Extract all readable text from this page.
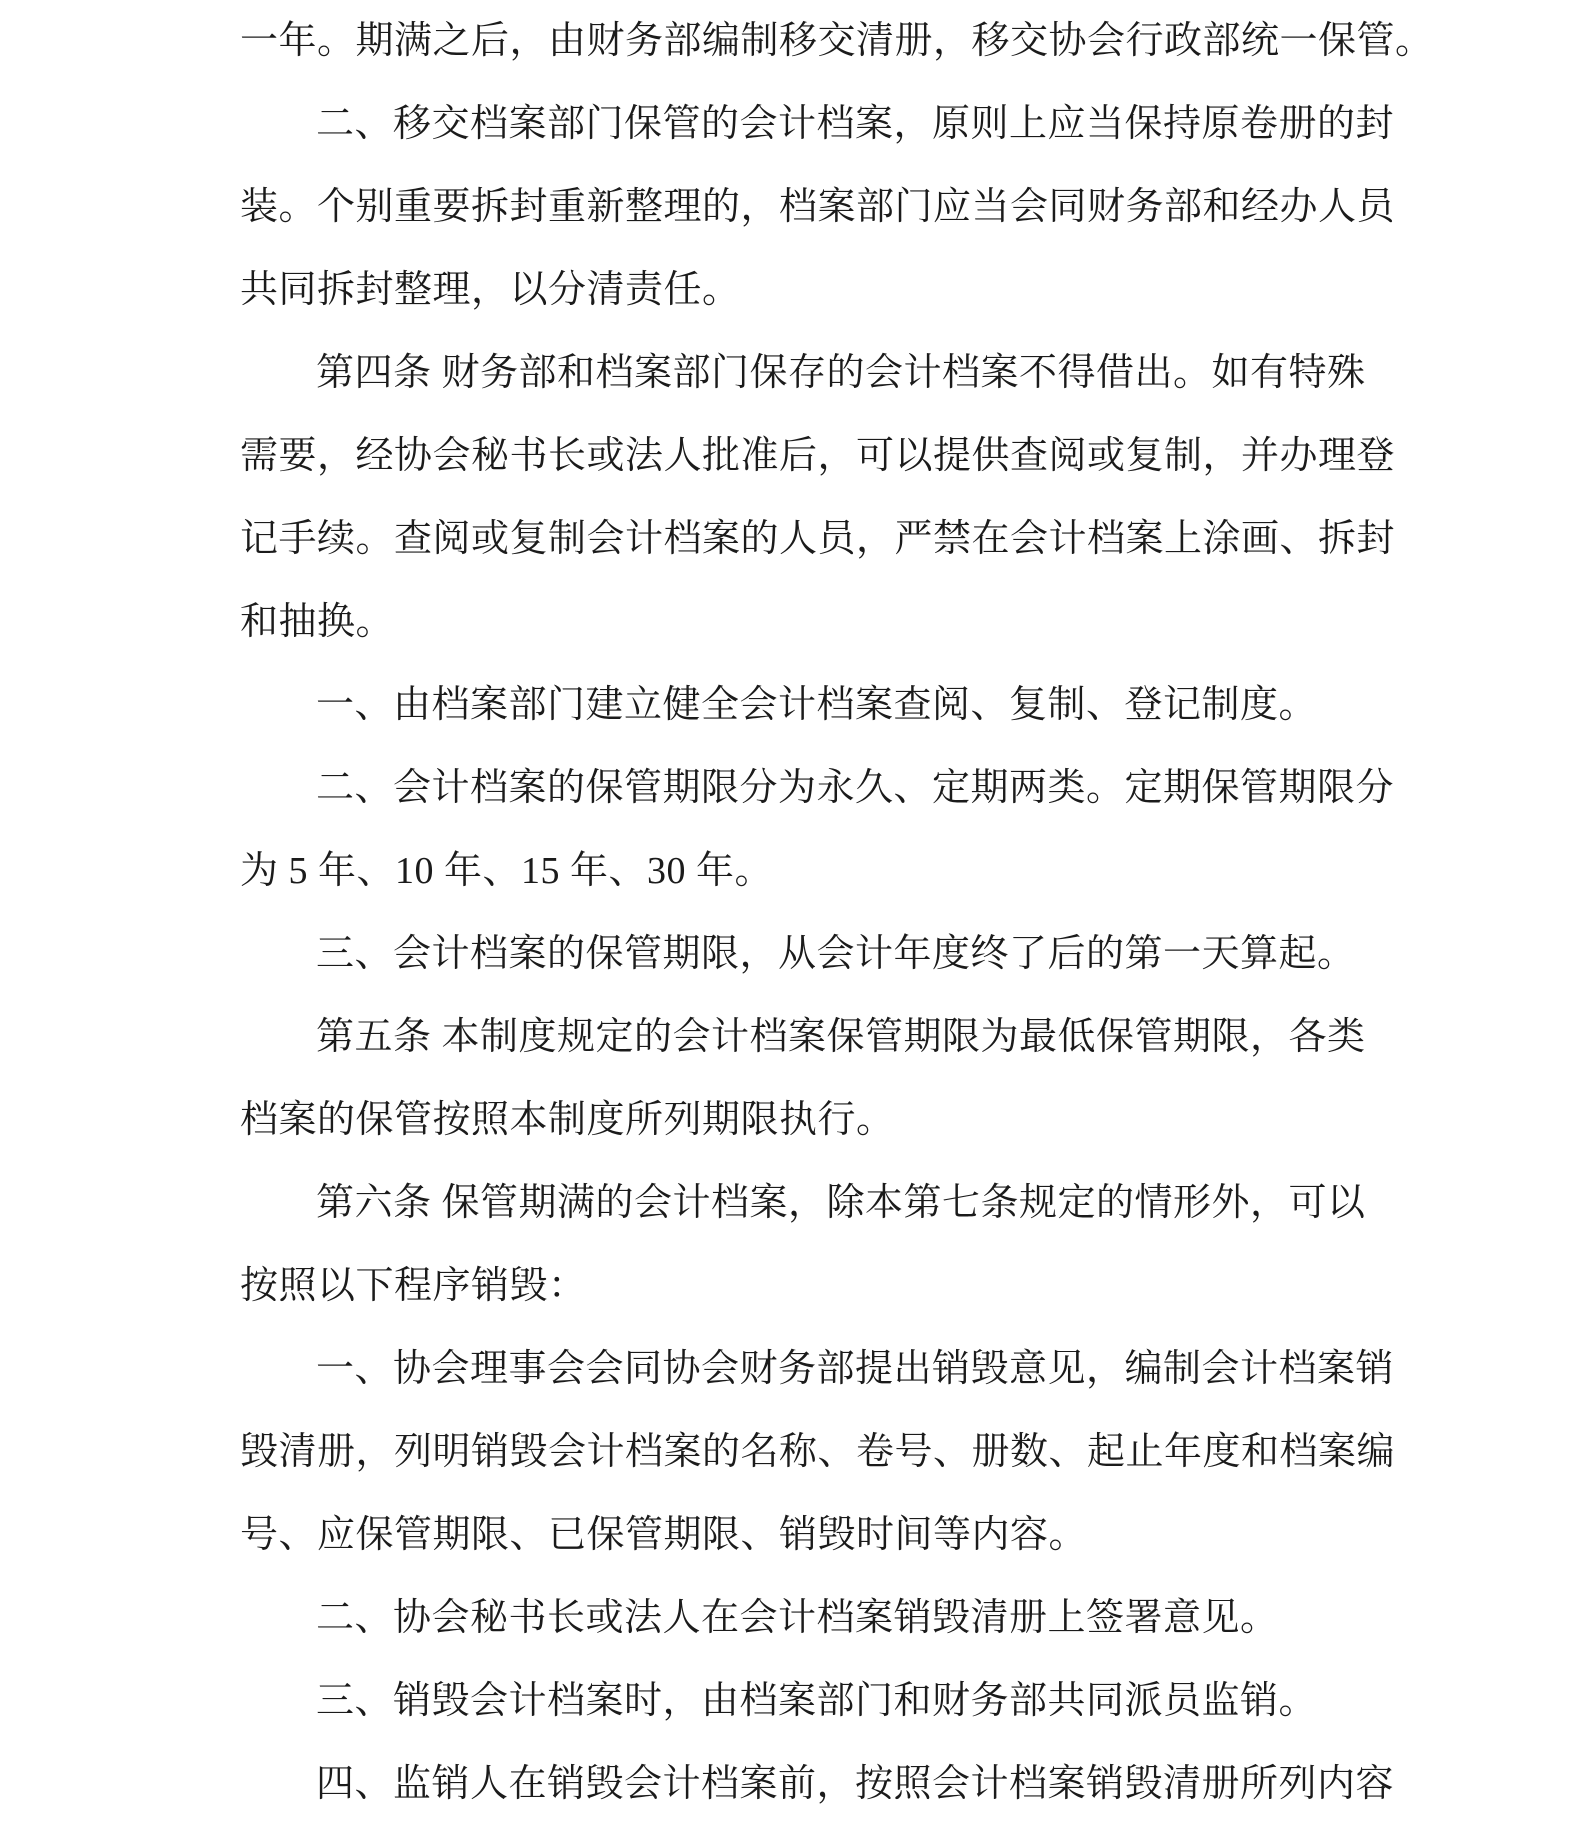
一年。期满之后，由财务部编制移交清册，移交协会行政部统一保管。
二、移交档案部门保管的会计档案，原则上应当保持原卷册的封
装。个别重要拆封重新整理的，档案部门应当会同财务部和经办人员
共同拆封整理，以分清责任。
第四条 财务部和档案部门保存的会计档案不得借出。如有特殊
需要，经协会秘书长或法人批准后，可以提供查阅或复制，并办理登
记手续。查阅或复制会计档案的人员，严禁在会计档案上涂画、拆封
和抽换。
一、由档案部门建立健全会计档案查阅、复制、登记制度。
二、会计档案的保管期限分为永久、定期两类。定期保管期限分
为 5 年、10 年、15 年、30 年。
三、会计档案的保管期限，从会计年度终了后的第一天算起。
第五条 本制度规定的会计档案保管期限为最低保管期限，各类
档案的保管按照本制度所列期限执行。
第六条 保管期满的会计档案，除本第七条规定的情形外，可以
按照以下程序销毁：
一、协会理事会会同协会财务部提出销毁意见，编制会计档案销
毁清册，列明销毁会计档案的名称、卷号、册数、起止年度和档案编
号、应保管期限、已保管期限、销毁时间等内容。
二、协会秘书长或法人在会计档案销毁清册上签署意见。
三、销毁会计档案时，由档案部门和财务部共同派员监销。
四、监销人在销毁会计档案前，按照会计档案销毁清册所列内容
